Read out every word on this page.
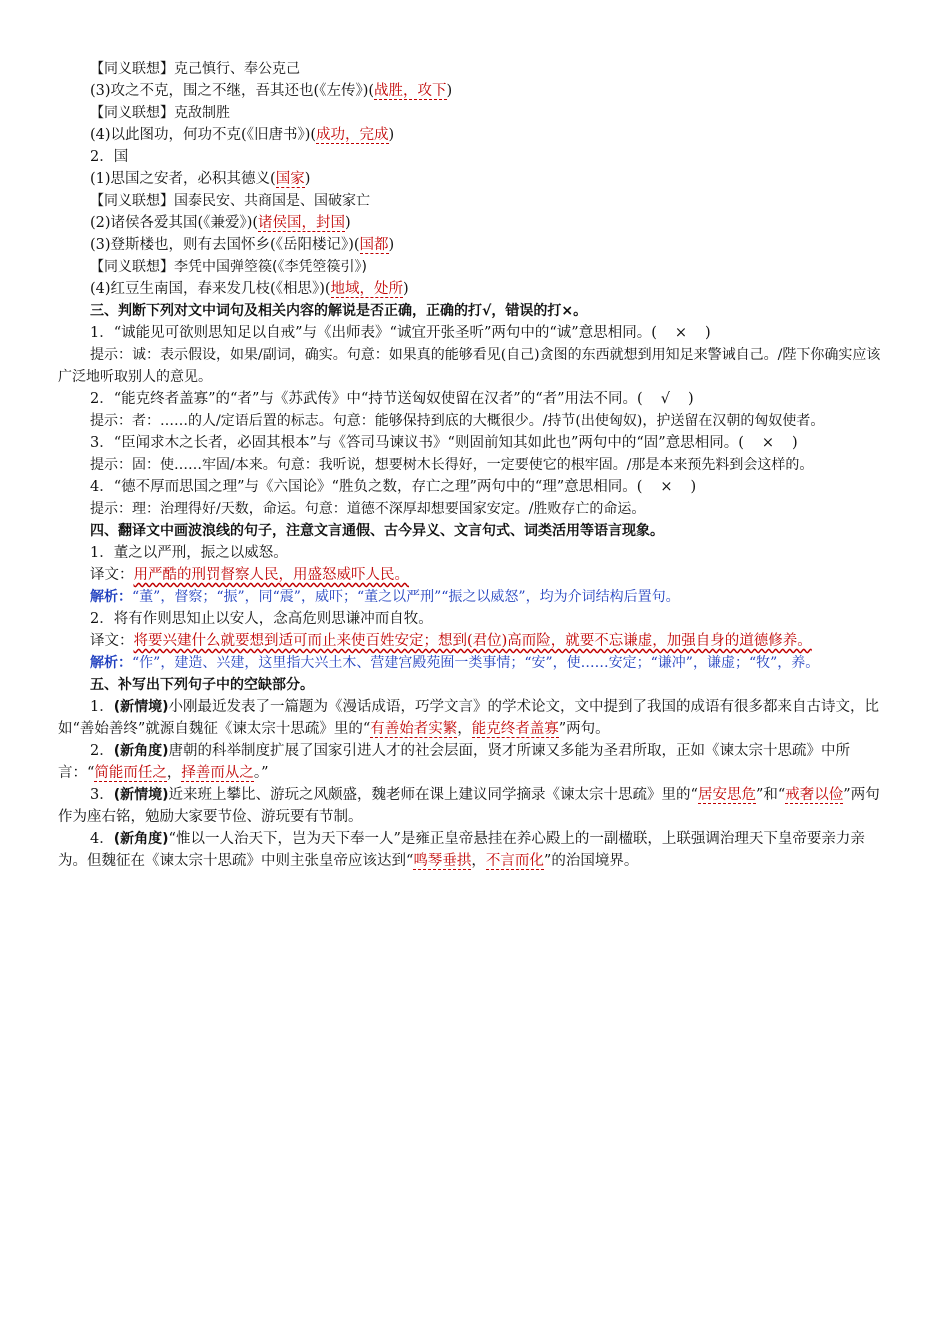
【同义联想】克己慎行、奉公克己
(3)攻之不克，围之不继，吾其还也(《左传》)(战胜，攻下)
【同义联想】克敌制胜
(4)以此图功，何功不克(《旧唐书》)(成功，完成)
2．国
(1)思国之安者，必积其德义(国家)
【同义联想】国泰民安、共商国是、国破家亡
(2)诸侯各爱其国(《兼爱》)(诸侯国，封国)
(3)登斯楼也，则有去国怀乡(《岳阳楼记》)(国都)
【同义联想】李凭中国弹箜篌(《李凭箜篌引》)
(4)红豆生南国，春来发几枝(《相思》)(地域，处所)
三、判断下列对文中词句及相关内容的解说是否正确，正确的打√，错误的打×。
1．“诚能见可欲则思知足以自戒”与《出师表》“诚宜开张圣听”两句中的“诚”意思相同。( × )
提示：诚：表示假设，如果/副词，确实。句意：如果真的能够看见(自己)贪图的东西就想到用知足来警诫自己。/陛下你确实应该广泛地听取别人的意见。
2．“能克终者盖寡”的“者”与《苏武传》中“持节送匈奴使留在汉者”的“者”用法不同。( √ )
提示：者：……的人/定语后置的标志。句意：能够保持到底的大概很少。/持节(出使匈奴)，护送留在汉朝的匈奴使者。
3．“臣闻求木之长者，必固其根本”与《答司马谏议书》“则固前知其如此也”两句中的“固”意思相同。( × )
提示：固：使……牢固/本来。句意：我听说，想要树木长得好，一定要使它的根牢固。/那是本来预先料到会这样的。
4．“德不厚而思国之理”与《六国论》“胜负之数，存亡之理”两句中的“理”意思相同。( × )
提示：理：治理得好/天数，命运。句意：道德不深厚却想要国家安定。/胜败存亡的命运。
四、翻译文中画波浪线的句子，注意文言通假、古今异义、文言句式、词类活用等语言现象。
1．董之以严刑，振之以威怒。
译文：用严酷的刑罚督察人民，用盛怒威吓人民。
解析：“董”，督察；“振”，同“震”，威吓；“董之以严刑”“振之以威怒”，均为介词结构后置句。
2．将有作则思知止以安人，念高危则思谦冲而自牧。
译文：将要兴建什么就要想到适可而止来使百姓安定；想到(君位)高而险，就要不忘谦虚，加强自身的道德修养。
解析：“作”，建造、兴建，这里指大兴土木、营建宫殿苑囿一类事情；“安”，使……安定；“谦冲”，谦虚；“牧”，养。
五、补写出下列句子中的空缺部分。
1．(新情境)小刚最近发表了一篇题为《漫话成语，巧学文言》的学术论文，文中提到了我国的成语有很多都来自古诗文，比如“善始善终”就源自魏征《谏太宗十思疏》里的“有善始者实繁，能克终者盖寡”两句。
2．(新角度)唐朝的科举制度扩展了国家引进人才的社会层面，贤才所谏又多能为圣君所取，正如《谏太宗十思疏》中所言：“简能而任之，择善而从之。”
3．(新情境)近来班上攀比、游玩之风颇盛，魏老师在课上建议同学摘录《谏太宗十思疏》里的“居安思危”和“戒奢以俭”两句作为座右铭，勉励大家要节俭、游玩要有节制。
4．(新角度)“惟以一人治天下，岂为天下奉一人”是雍正皇帝悬挂在养心殿上的一副楹联，上联强调治理天下皇帝要亲力亲为。但魏征在《谏太宗十思疏》中则主张皇帝应该达到“鸣琴垂拱，不言而化”的治国境界。
